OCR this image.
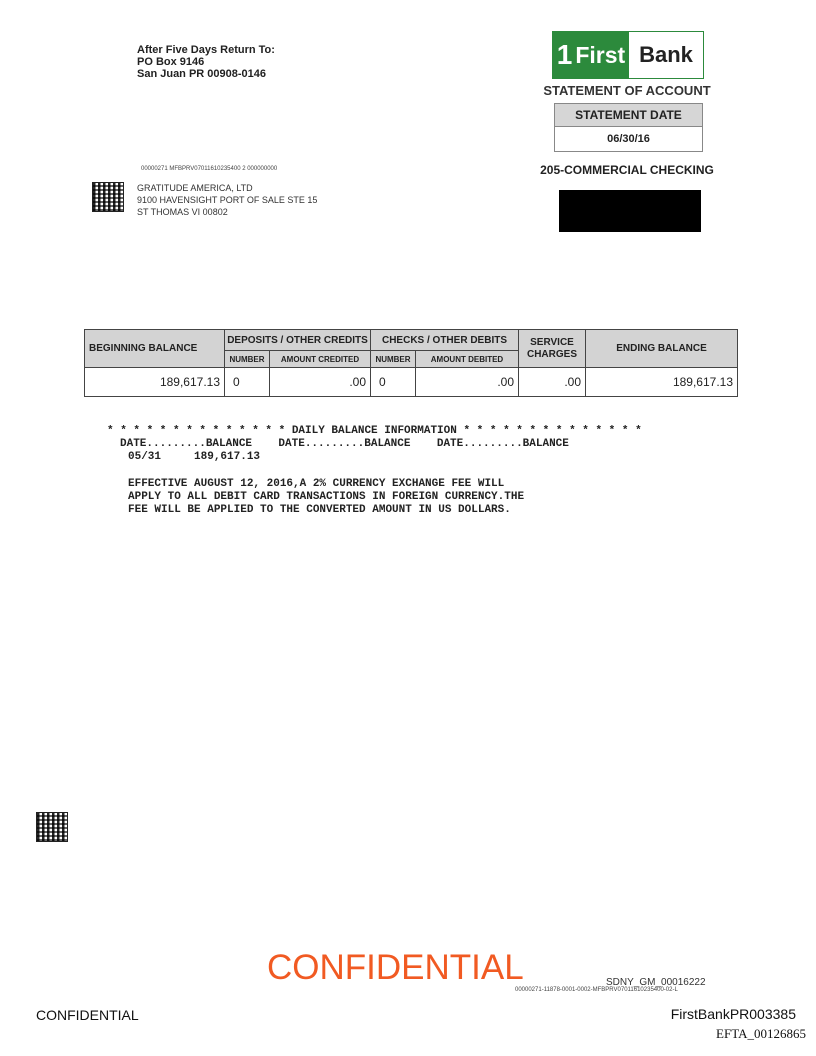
After Five Days Return To:
PO Box 9146
San Juan PR 00908-0146
1 First Bank
STATEMENT OF ACCOUNT
STATEMENT DATE
06/30/16
205-COMMERCIAL CHECKING
00000271 MFBPRV07011610235400 2 000000000
GRATITUDE AMERICA, LTD
9100 HAVENSIGHT PORT OF SALE STE 15
ST THOMAS VI 00802
BEGINNING BALANCE	DEPOSITS / OTHER CREDITS		CHECKS / OTHER DEBITS		SERVICE
CHARGES	ENDING BALANCE
	NUMBER	AMOUNT CREDITED	NUMBER	AMOUNT DEBITED		
189,617.13	0	.00	0	.00	.00	189,617.13
* * * * * * * * * * * * * * DAILY BALANCE INFORMATION * * * * * * * * * * * * * *
DATE.........BALANCE    DATE.........BALANCE    DATE.........BALANCE
05/31     189,617.13
EFFECTIVE AUGUST 12, 2016,A 2% CURRENCY EXCHANGE FEE WILL
APPLY TO ALL DEBIT CARD TRANSACTIONS IN FOREIGN CURRENCY.THE
FEE WILL BE APPLIED TO THE CONVERTED AMOUNT IN US DOLLARS.
CONFIDENTIAL	SDNY_GM_00016222
00000271-11878-0001-0002-MFBPRV07011610235400-02-L
CONFIDENTIAL	FirstBankPR003385
EFTA_00126865
